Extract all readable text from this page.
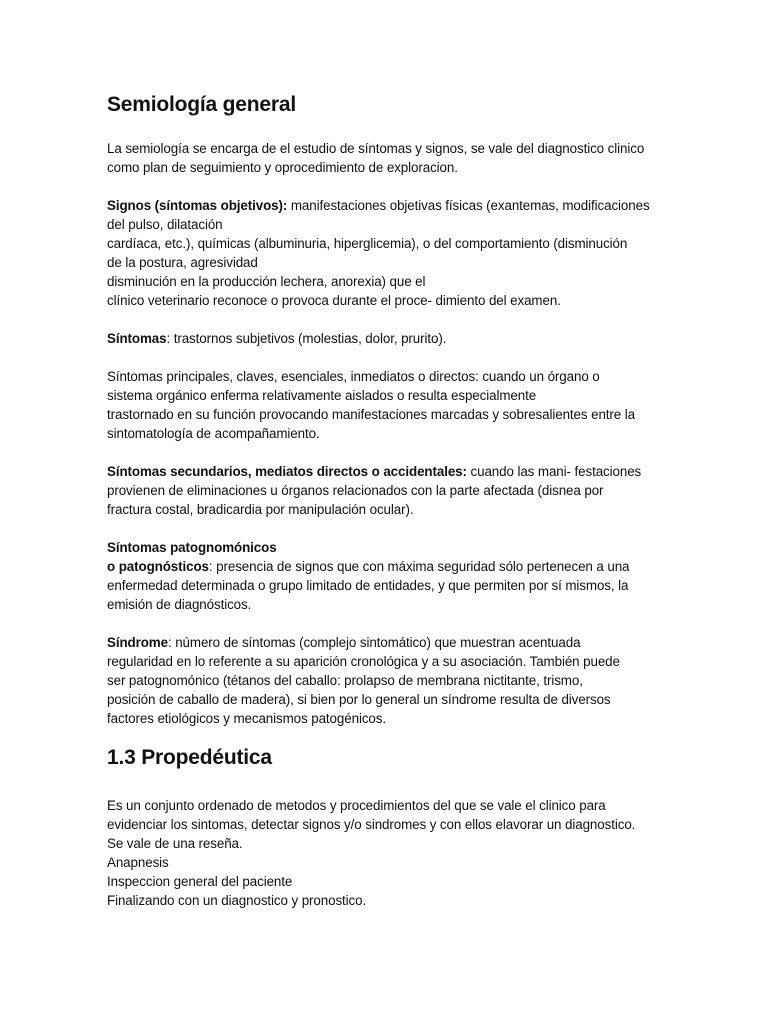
Semiología general
La semiología se encarga de el estudio de síntomas y signos, se vale del diagnostico clinico
como plan de seguimiento y oprocedimiento de exploracion.
Signos (síntomas objetivos): manifestaciones objetivas físicas (exantemas, modificaciones
del pulso, dilatación
cardíaca, etc.), químicas (albuminuria, hiperglicemia), o del comportamiento (disminución
de la postura, agresividad
disminución en la producción lechera, anorexia) que el
clínico veterinario reconoce o provoca durante el proce- dimiento del examen.
Síntomas: trastornos subjetivos (molestias, dolor, prurito).
Síntomas principales, claves, esenciales, inmediatos o directos: cuando un órgano o
sistema orgánico enferma relativamente aislados o resulta especialmente
trastornado en su función provocando manifestaciones marcadas y sobresalientes entre la
sintomatología de acompañamiento.
Síntomas secundarios, mediatos directos o accidentales: cuando las mani- festaciones
provienen de eliminaciones u órganos relacionados con la parte afectada (disnea por
fractura costal, bradicardia por manipulación ocular).
Síntomas patognomónicos
o patognósticos: presencia de signos que con máxima seguridad sólo pertenecen a una
enfermedad determinada o grupo limitado de entidades, y que permiten por sí mismos, la
emisión de diagnósticos.
Síndrome: número de síntomas (complejo sintomático) que muestran acentuada
regularidad en lo referente a su aparición cronológica y a su asociación. También puede
ser patognomónico (tétanos del caballo: prolapso de membrana nictitante, trismo,
posición de caballo de madera), si bien por lo general un síndrome resulta de diversos
factores etiológicos y mecanismos patogénicos.
1.3 Propedéutica
Es un conjunto ordenado de metodos y procedimientos del que se vale el clinico para
evidenciar los sintomas, detectar signos y/o sindromes y con ellos elavorar un diagnostico.
Se vale de una reseña.
Anapnesis
Inspeccion general del paciente
Finalizando con un diagnostico y pronostico.
